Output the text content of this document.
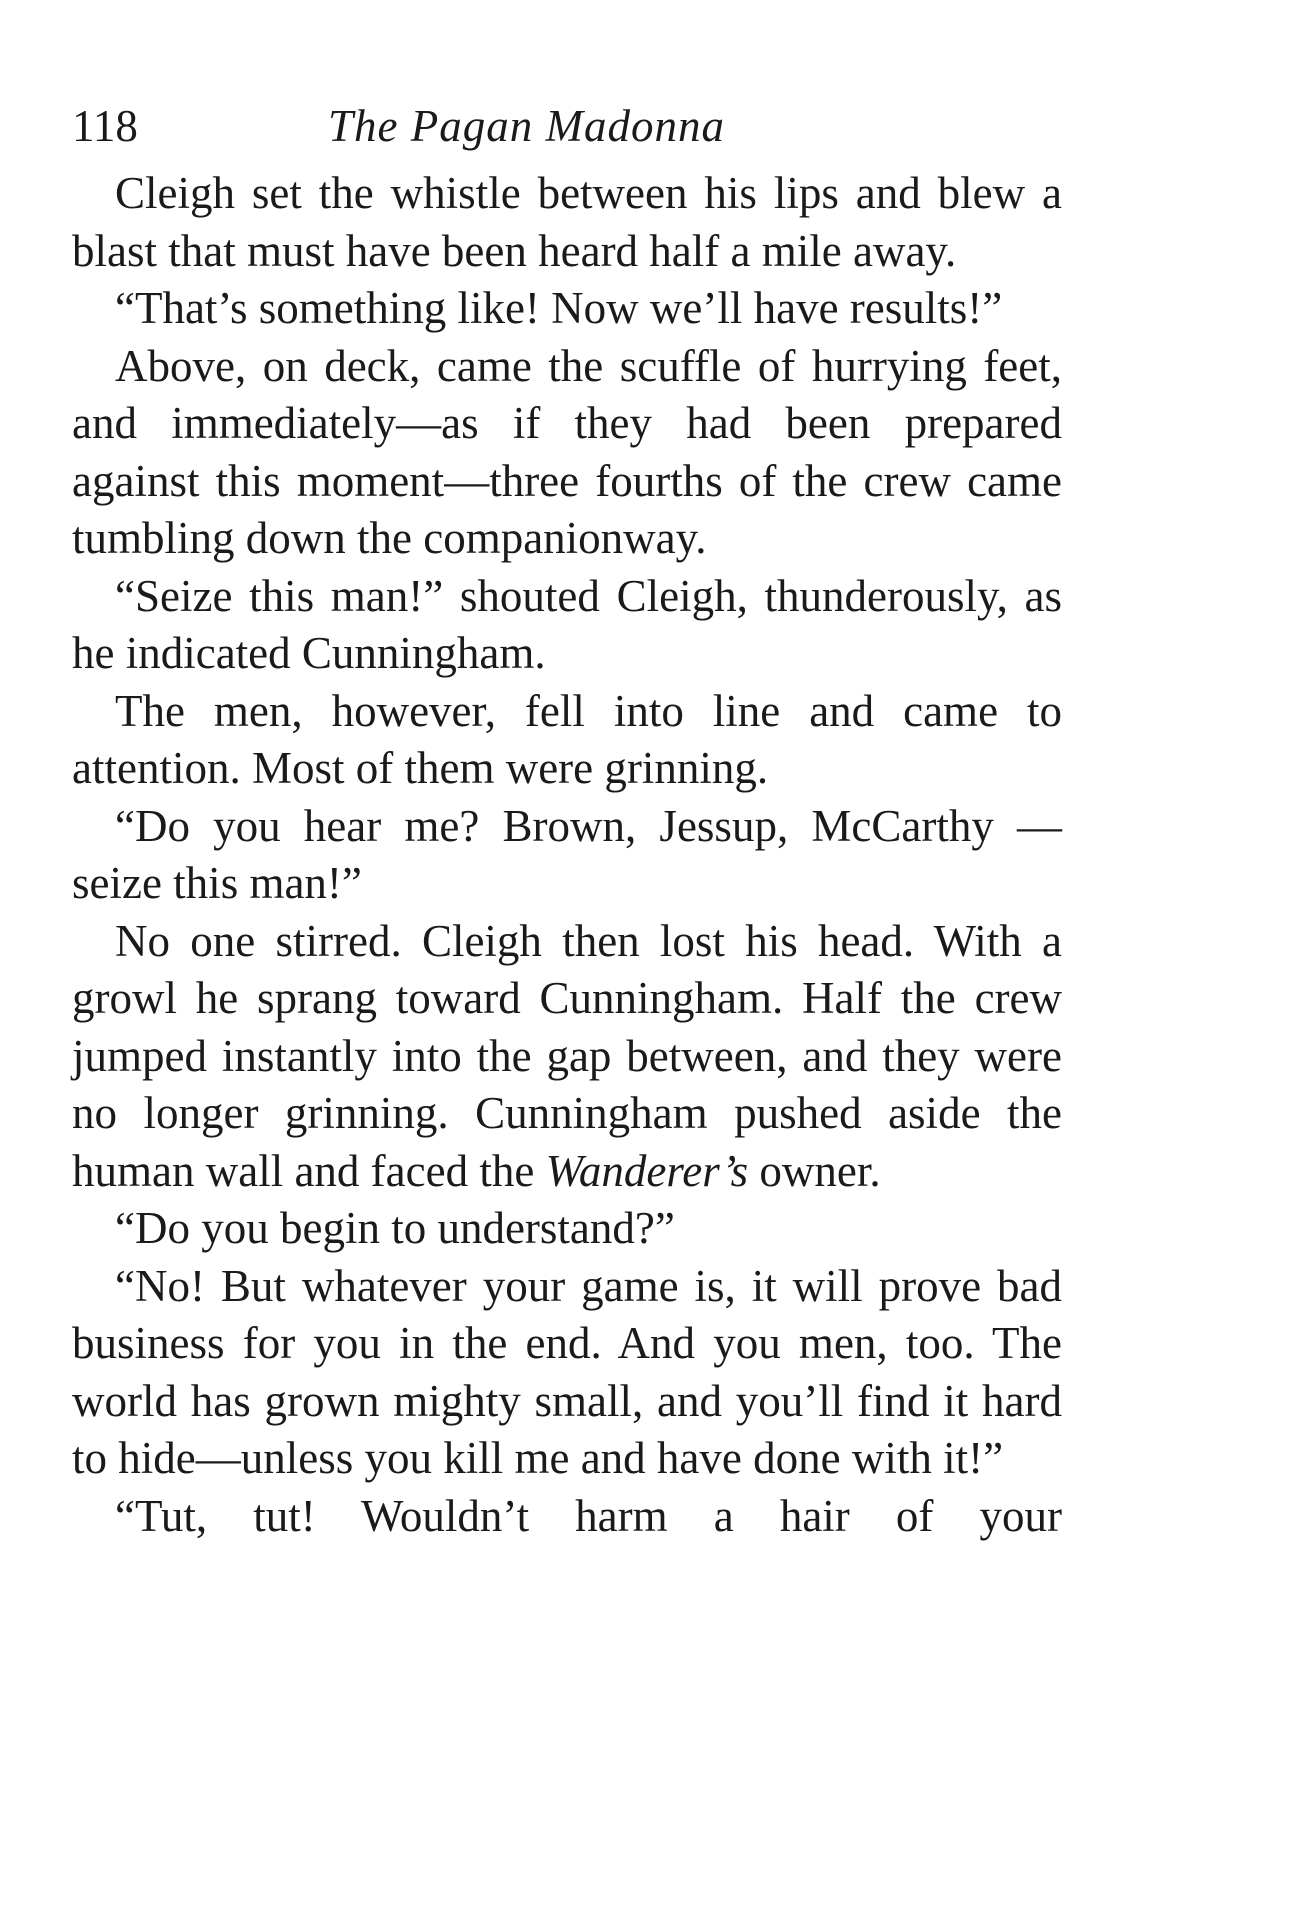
118	The Pagan Madonna

Cleigh set the whistle between his lips and blew a blast that must have been heard half a mile away.

“That’s something like! Now we’ll have results!”

Above, on deck, came the scuffle of hurrying feet, and immediately—as if they had been prepared against this moment—three fourths of the crew came tumbling down the companionway.

“Seize this man!” shouted Cleigh, thunderously, as he indicated Cunningham.

The men, however, fell into line and came to attention. Most of them were grinning.

“Do you hear me? Brown, Jessup, McCarthy —seize this man!”

No one stirred. Cleigh then lost his head. With a growl he sprang toward Cunningham. Half the crew jumped instantly into the gap between, and they were no longer grinning. Cunningham pushed aside the human wall and faced the Wanderer’s owner.

“Do you begin to understand?”

“No! But whatever your game is, it will prove bad business for you in the end. And you men, too. The world has grown mighty small, and you’ll find it hard to hide—unless you kill me and have done with it!”

“Tut, tut! Wouldn’t harm a hair of your
